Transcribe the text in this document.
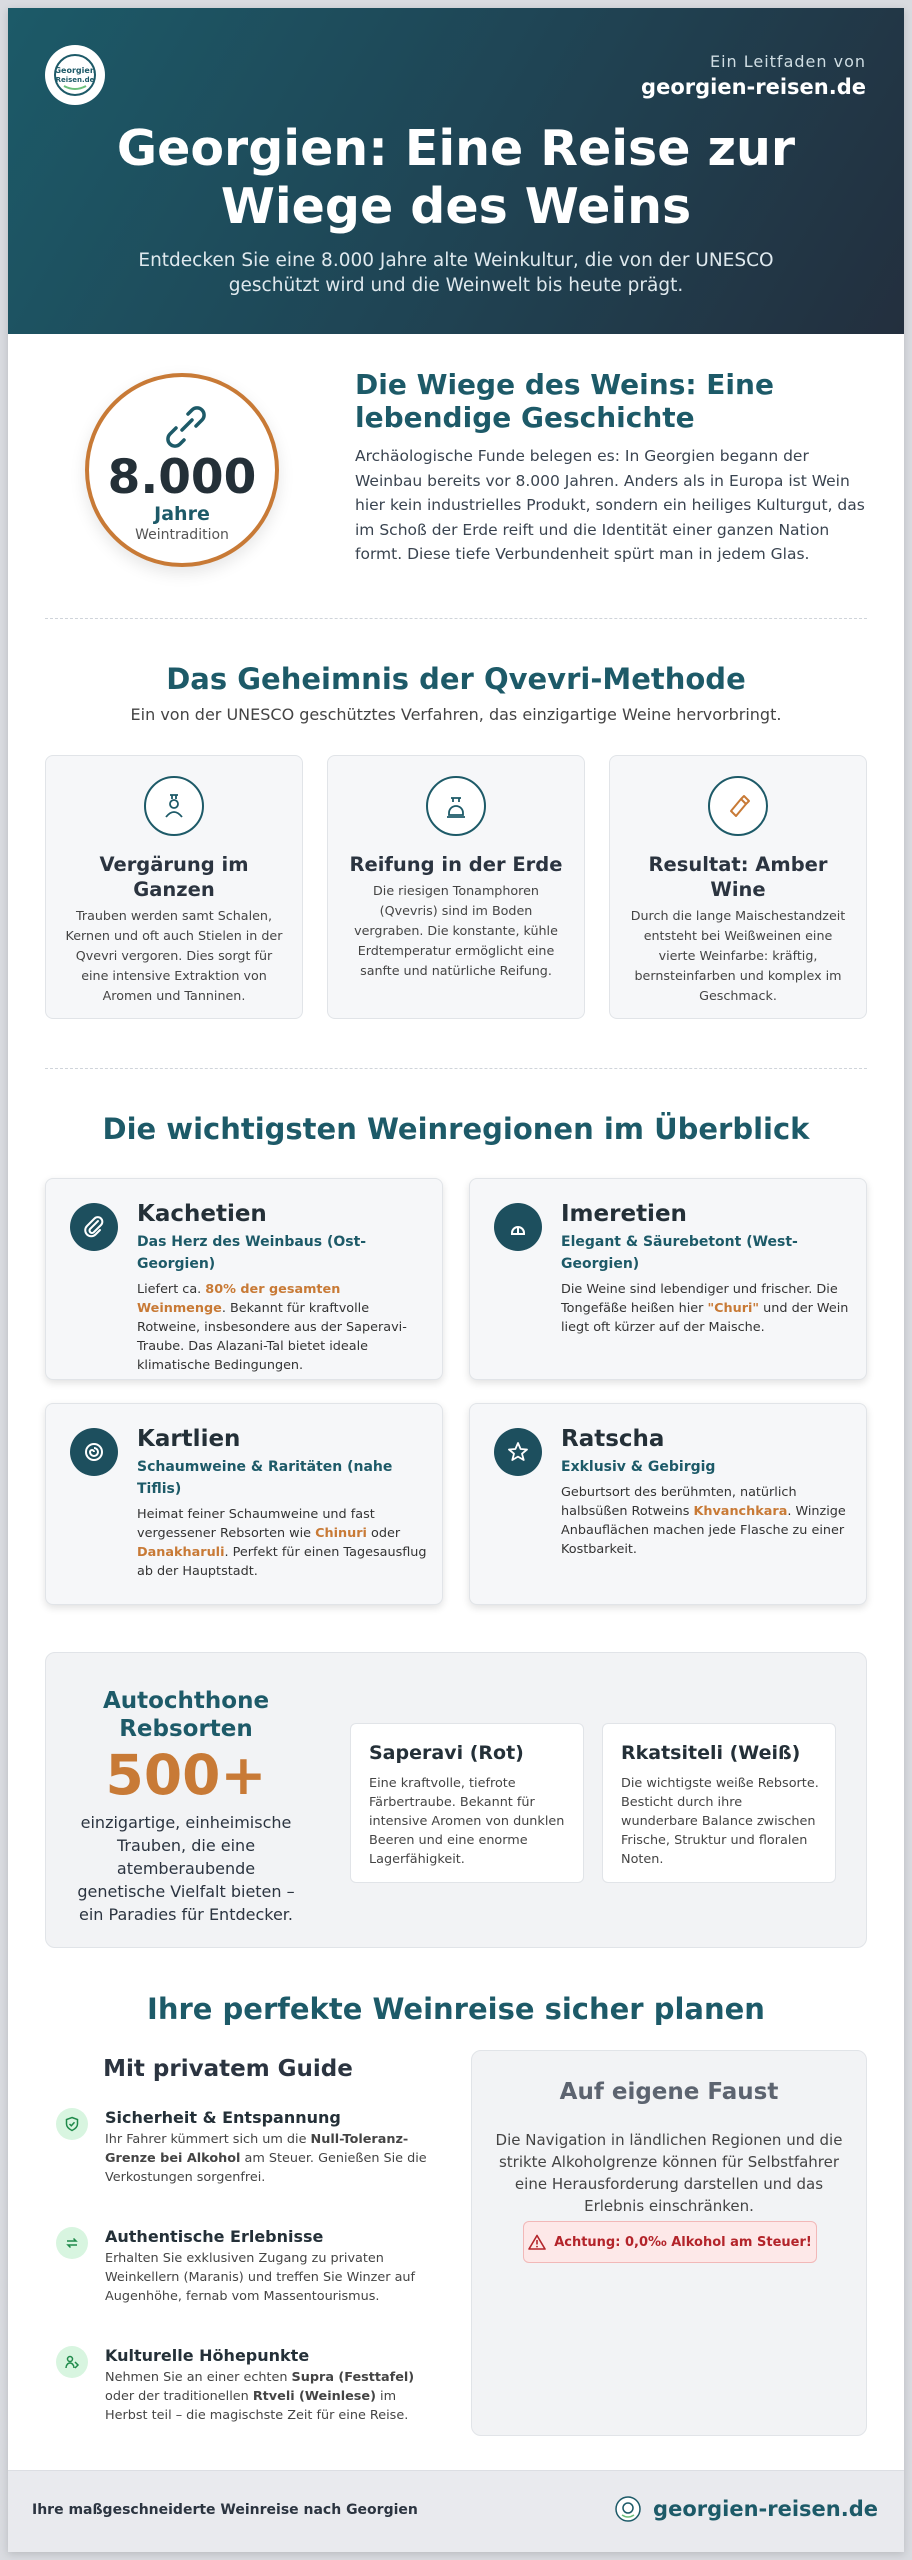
Georgien
Reisen.de
Ein Leitfaden von
georgien-reisen.de
Georgien: Eine Reise zur Wiege des Weins
Entdecken Sie eine 8.000 Jahre alte Weinkultur, die von der UNESCO geschützt wird und die Weinwelt bis heute prägt.
8.000
Jahre
Weintradition
Die Wiege des Weins: Eine lebendige Geschichte
Archäologische Funde belegen es: In Georgien begann der Weinbau bereits vor 8.000 Jahren. Anders als in Europa ist Wein hier kein industrielles Produkt, sondern ein heiliges Kulturgut, das im Schoß der Erde reift und die Identität einer ganzen Nation formt. Diese tiefe Verbundenheit spürt man in jedem Glas.
Das Geheimnis der Qvevri-Methode
Ein von der UNESCO geschütztes Verfahren, das einzigartige Weine hervorbringt.
Vergärung im Ganzen
Trauben werden samt Schalen, Kernen und oft auch Stielen in der Qvevri vergoren. Dies sorgt für eine intensive Extraktion von Aromen und Tanninen.
Reifung in der Erde
Die riesigen Tonamphoren (Qvevris) sind im Boden vergraben. Die konstante, kühle Erdtemperatur ermöglicht eine sanfte und natürliche Reifung.
Resultat: Amber Wine
Durch die lange Maischestandzeit entsteht bei Weißweinen eine vierte Weinfarbe: kräftig, bernsteinfarben und komplex im Geschmack.
Die wichtigsten Weinregionen im Überblick
Kachetien
Das Herz des Weinbaus (Ost-Georgien)
Liefert ca. 80% der gesamten Weinmenge. Bekannt für kraftvolle Rotweine, insbesondere aus der Saperavi-Traube. Das Alazani-Tal bietet ideale klimatische Bedingungen.
Imeretien
Elegant & Säurebetont (West-Georgien)
Die Weine sind lebendiger und frischer. Die Tongefäße heißen hier "Churi" und der Wein liegt oft kürzer auf der Maische.
Kartlien
Schaumweine & Raritäten (nahe Tiflis)
Heimat feiner Schaumweine und fast vergessener Rebsorten wie Chinuri oder Danakharuli. Perfekt für einen Tagesausflug ab der Hauptstadt.
Ratscha
Exklusiv & Gebirgig
Geburtsort des berühmten, natürlich halbsüßen Rotweins Khvanchkara. Winzige Anbauflächen machen jede Flasche zu einer Kostbarkeit.
Autochthone Rebsorten
500+
einzigartige, einheimische Trauben, die eine atemberaubende genetische Vielfalt bieten – ein Paradies für Entdecker.
Saperavi (Rot)
Eine kraftvolle, tiefrote Färbertraube. Bekannt für intensive Aromen von dunklen Beeren und eine enorme Lagerfähigkeit.
Rkatsiteli (Weiß)
Die wichtigste weiße Rebsorte. Besticht durch ihre wunderbare Balance zwischen Frische, Struktur und floralen Noten.
Ihre perfekte Weinreise sicher planen
Mit privatem Guide
Sicherheit & Entspannung
Ihr Fahrer kümmert sich um die Null-Toleranz-Grenze bei Alkohol am Steuer. Genießen Sie die Verkostungen sorgenfrei.
Authentische Erlebnisse
Erhalten Sie exklusiven Zugang zu privaten Weinkellern (Maranis) und treffen Sie Winzer auf Augenhöhe, fernab vom Massentourismus.
Kulturelle Höhepunkte
Nehmen Sie an einer echten Supra (Festtafel) oder der traditionellen Rtveli (Weinlese) im Herbst teil – die magischste Zeit für eine Reise.
Auf eigene Faust
Die Navigation in ländlichen Regionen und die strikte Alkoholgrenze können für Selbstfahrer eine Herausforderung darstellen und das Erlebnis einschränken.
Achtung: 0,0‰ Alkohol am Steuer!
Ihre maßgeschneiderte Weinreise nach Georgien	georgien-reisen.de
